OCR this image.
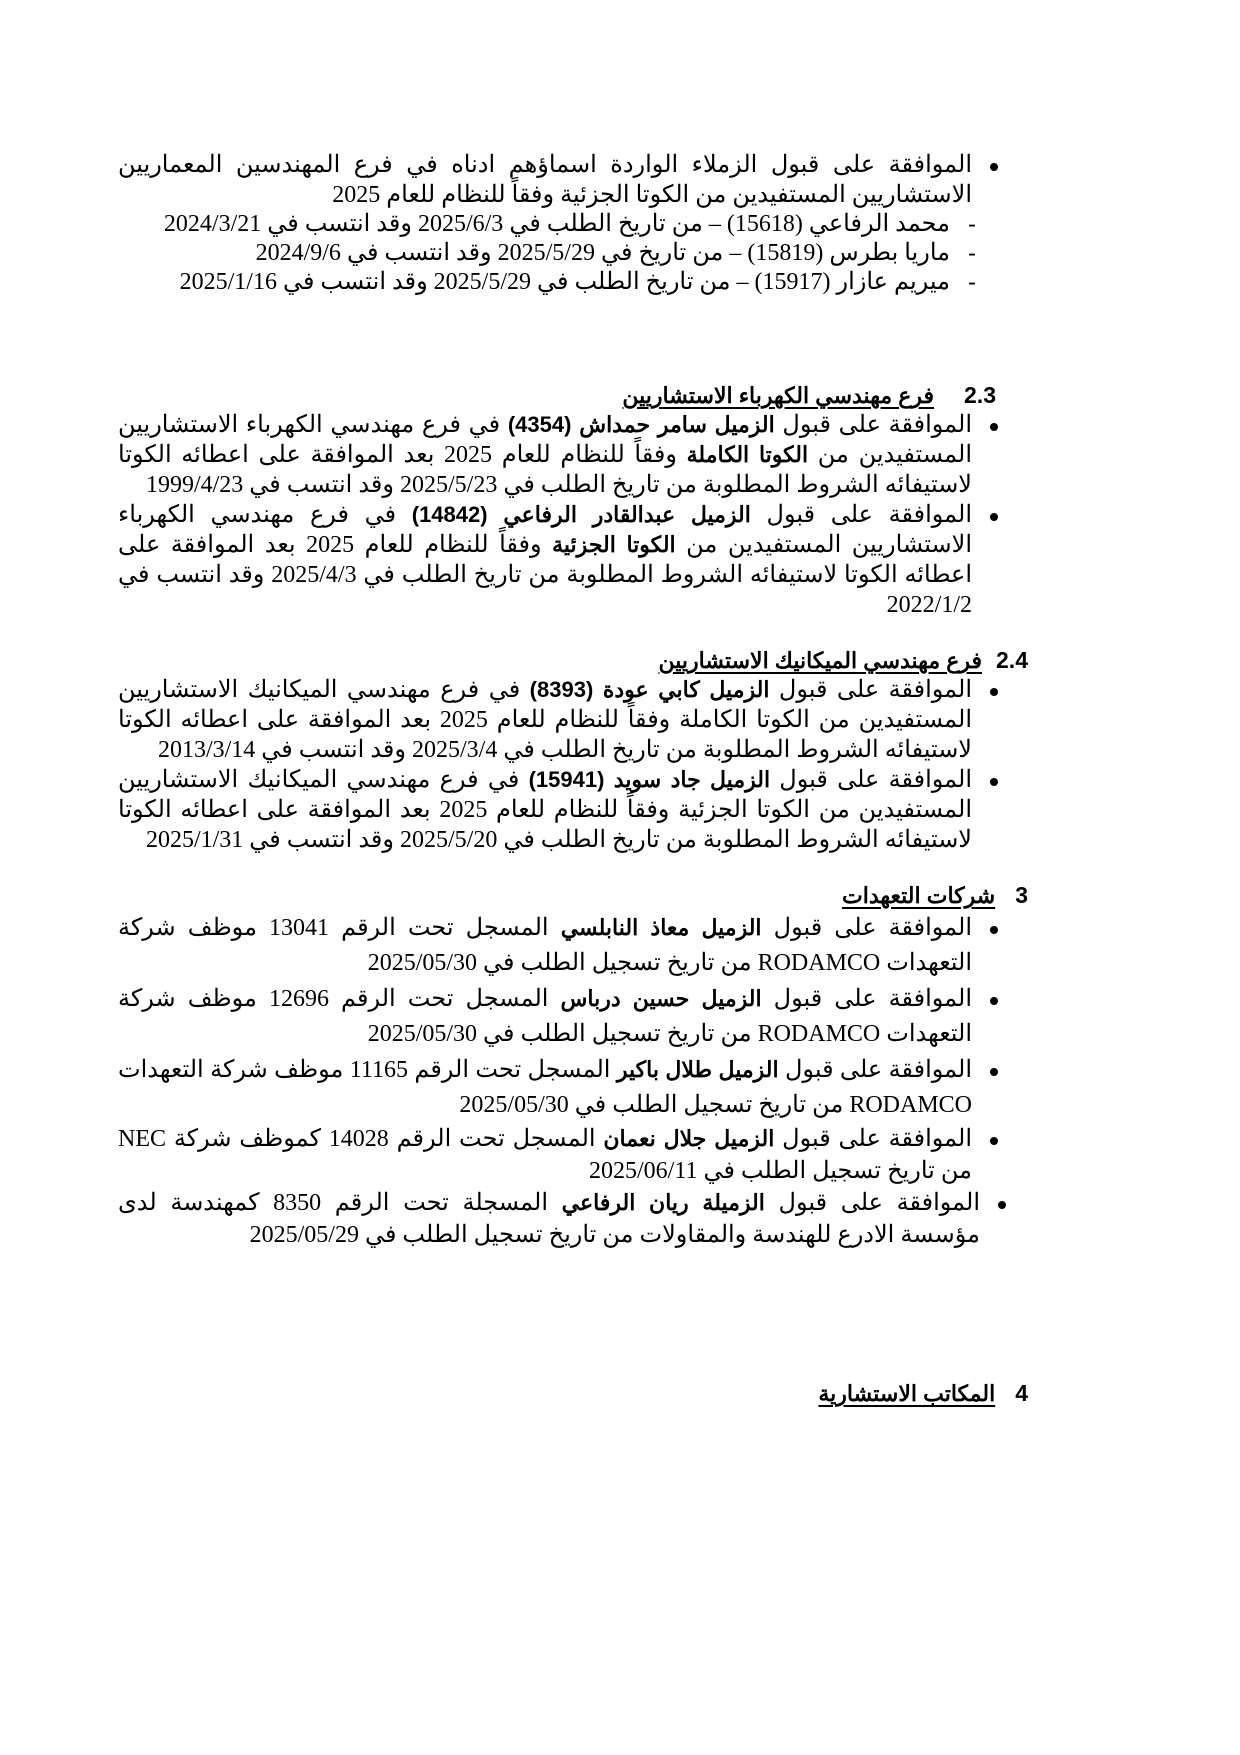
الموافقة على قبول الزملاء الواردة اسماؤهم ادناه في فرع المهندسين المعماريين الاستشاريين المستفيدين من الكوتا الجزئية وفقاً للنظام للعام 2025
-
محمد الرفاعي (15618) – من تاريخ الطلب في 2025/6/3 وقد انتسب في 2024/3/21
-
ماريا بطرس (15819) – من تاريخ في 2025/5/29 وقد انتسب في 2024/9/6
-
ميريم عازار (15917) – من تاريخ الطلب في 2025/5/29 وقد انتسب في 2025/1/16
2.3
فرع مهندسي الكهرباء الاستشاريين
الموافقة على قبول الزميل سامر حمداش (4354) في فرع مهندسي الكهرباء الاستشاريين المستفيدين من الكوتا الكاملة وفقاً للنظام للعام 2025 بعد الموافقة على اعطائه الكوتا لاستيفائه الشروط المطلوبة من تاريخ الطلب في 2025/5/23 وقد انتسب في 1999/4/23
الموافقة على قبول الزميل عبدالقادر الرفاعي (14842) في فرع مهندسي الكهرباء الاستشاريين المستفيدين من الكوتا الجزئية وفقاً للنظام للعام 2025 بعد الموافقة على اعطائه الكوتا لاستيفائه الشروط المطلوبة من تاريخ الطلب في 2025/4/3 وقد انتسب في 2022/1/2
2.4
فرع مهندسي الميكانيك الاستشاريين
الموافقة على قبول الزميل كابي عودة (8393) في فرع مهندسي الميكانيك الاستشاريين المستفيدين من الكوتا الكاملة وفقاً للنظام للعام 2025 بعد الموافقة على اعطائه الكوتا لاستيفائه الشروط المطلوبة من تاريخ الطلب في 2025/3/4 وقد انتسب في 2013/3/14
الموافقة على قبول الزميل جاد سويد (15941) في فرع مهندسي الميكانيك الاستشاريين المستفيدين من الكوتا الجزئية وفقاً للنظام للعام 2025 بعد الموافقة على اعطائه الكوتا لاستيفائه الشروط المطلوبة من تاريخ الطلب في 2025/5/20 وقد انتسب في 2025/1/31
3
شركات التعهدات
الموافقة على قبول الزميل معاذ النابلسي المسجل تحت الرقم 13041 موظف شركة التعهدات RODAMCO من تاريخ تسجيل الطلب في 2025/05/30
الموافقة على قبول الزميل حسين درباس المسجل تحت الرقم 12696 موظف شركة التعهدات RODAMCO من تاريخ تسجيل الطلب في 2025/05/30
الموافقة على قبول الزميل طلال باكير المسجل تحت الرقم 11165 موظف شركة التعهدات RODAMCO من تاريخ تسجيل الطلب في 2025/05/30
الموافقة على قبول الزميل جلال نعمان المسجل تحت الرقم 14028 كموظف شركة NEC من تاريخ تسجيل الطلب في 2025/06/11
الموافقة على قبول الزميلة ريان الرفاعي المسجلة تحت الرقم 8350 كمهندسة لدى مؤسسة الادرع للهندسة والمقاولات من تاريخ تسجيل الطلب في 2025/05/29
4
المكاتب الاستشارية
